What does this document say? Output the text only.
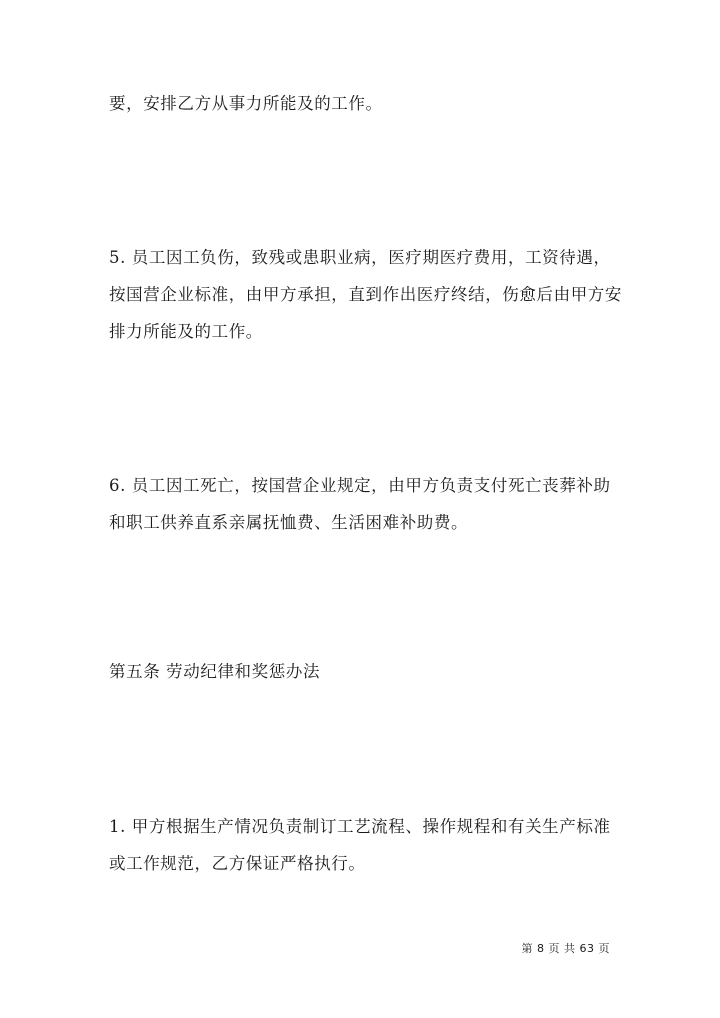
要，安排乙方从事力所能及的工作。
5. 员工因工负伤，致残或患职业病，医疗期医疗费用，工资待遇，
按国营企业标准，由甲方承担，直到作出医疗终结，伤愈后由甲方安
排力所能及的工作。
6. 员工因工死亡，按国营企业规定，由甲方负责支付死亡丧葬补助
和职工供养直系亲属抚恤费、生活困难补助费。
第五条 劳动纪律和奖惩办法
1. 甲方根据生产情况负责制订工艺流程、操作规程和有关生产标准
或工作规范，乙方保证严格执行。
第 8 页 共 63 页
